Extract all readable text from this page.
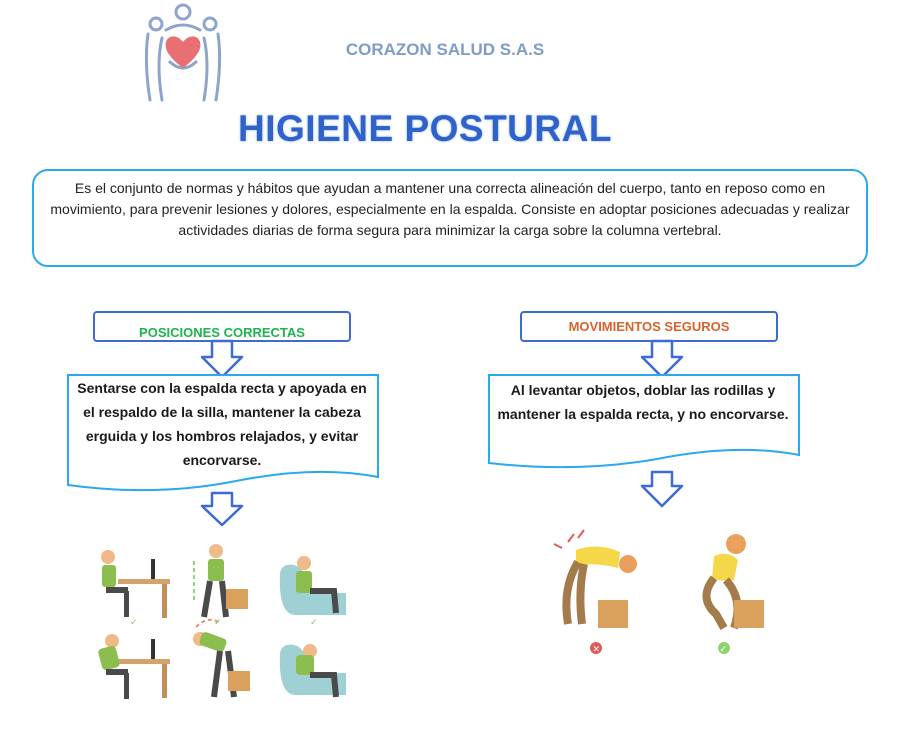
CORAZON SALUD S.A.S
HIGIENE POSTURAL
Es el conjunto de normas y hábitos que ayudan a mantener una correcta alineación del cuerpo, tanto en reposo como en movimiento, para prevenir lesiones y dolores, especialmente en la espalda. Consiste en adoptar posiciones adecuadas y realizar actividades diarias de forma segura para minimizar la carga sobre la columna vertebral.
POSICIONES CORRECTAS
Sentarse con la espalda recta y apoyada en el respaldo de la silla, mantener la cabeza erguida y los hombros relajados, y evitar encorvarse.
✓	✓	✓
MOVIMIENTOS SEGUROS
Al levantar objetos, doblar las rodillas y mantener la espalda recta, y no encorvarse.
✕	✓
